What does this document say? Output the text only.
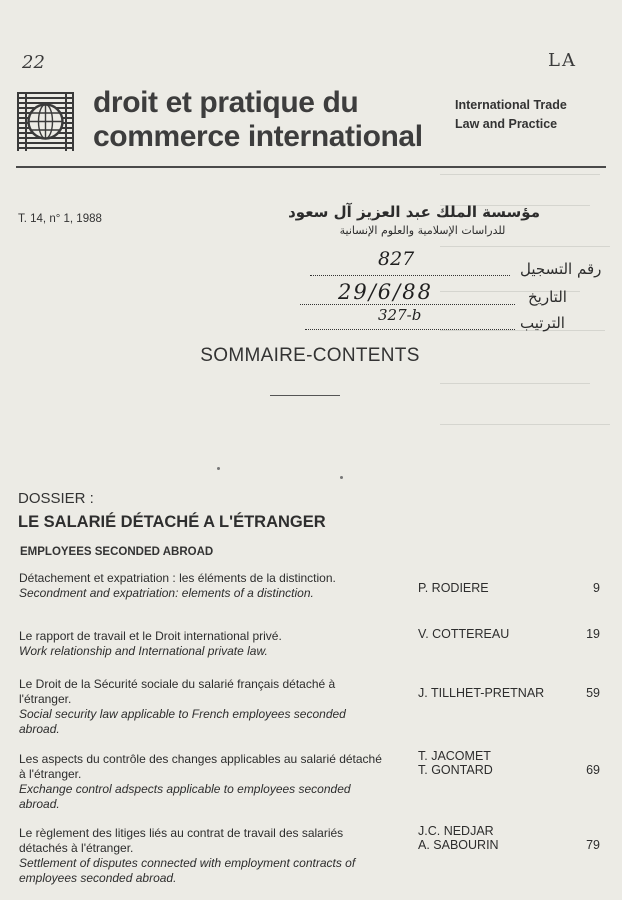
22	LA
droit et pratique du
commerce international
International Trade
Law and Practice
T. 14, n° 1, 1988	مؤسسة الملك عبد العزيز آل سعود
للدراسات الإسلامية والعلوم الإنسانية
رقم التسجيل
827
التاريخ
29/6/88
الترتيب
327-b
SOMMAIRE-CONTENTS
DOSSIER :
LE SALARIÉ DÉTACHÉ A L'ÉTRANGER
EMPLOYEES SECONDED ABROAD
Détachement et expatriation : les éléments de la distinction.
Secondment and expatriation: elements of a distinction.	P. RODIERE	9
Le rapport de travail et le Droit international privé.
Work relationship and International private law.
V. COTTEREAU	19
Le Droit de la Sécurité sociale du salarié français détaché à l'étranger.
Social security law applicable to French employees seconded abroad.
J. TILLHET-PRETNAR	59
Les aspects du contrôle des changes applicables au salarié détaché à l'étranger.
Exchange control adspects applicable to employees seconded abroad.
T. JACOMET
T. GONTARD	69
Le règlement des litiges liés au contrat de travail des salariés détachés à l'étranger.
Settlement of disputes connected with employment contracts of employees seconded abroad.
J.C. NEDJAR
A. SABOURIN	79
